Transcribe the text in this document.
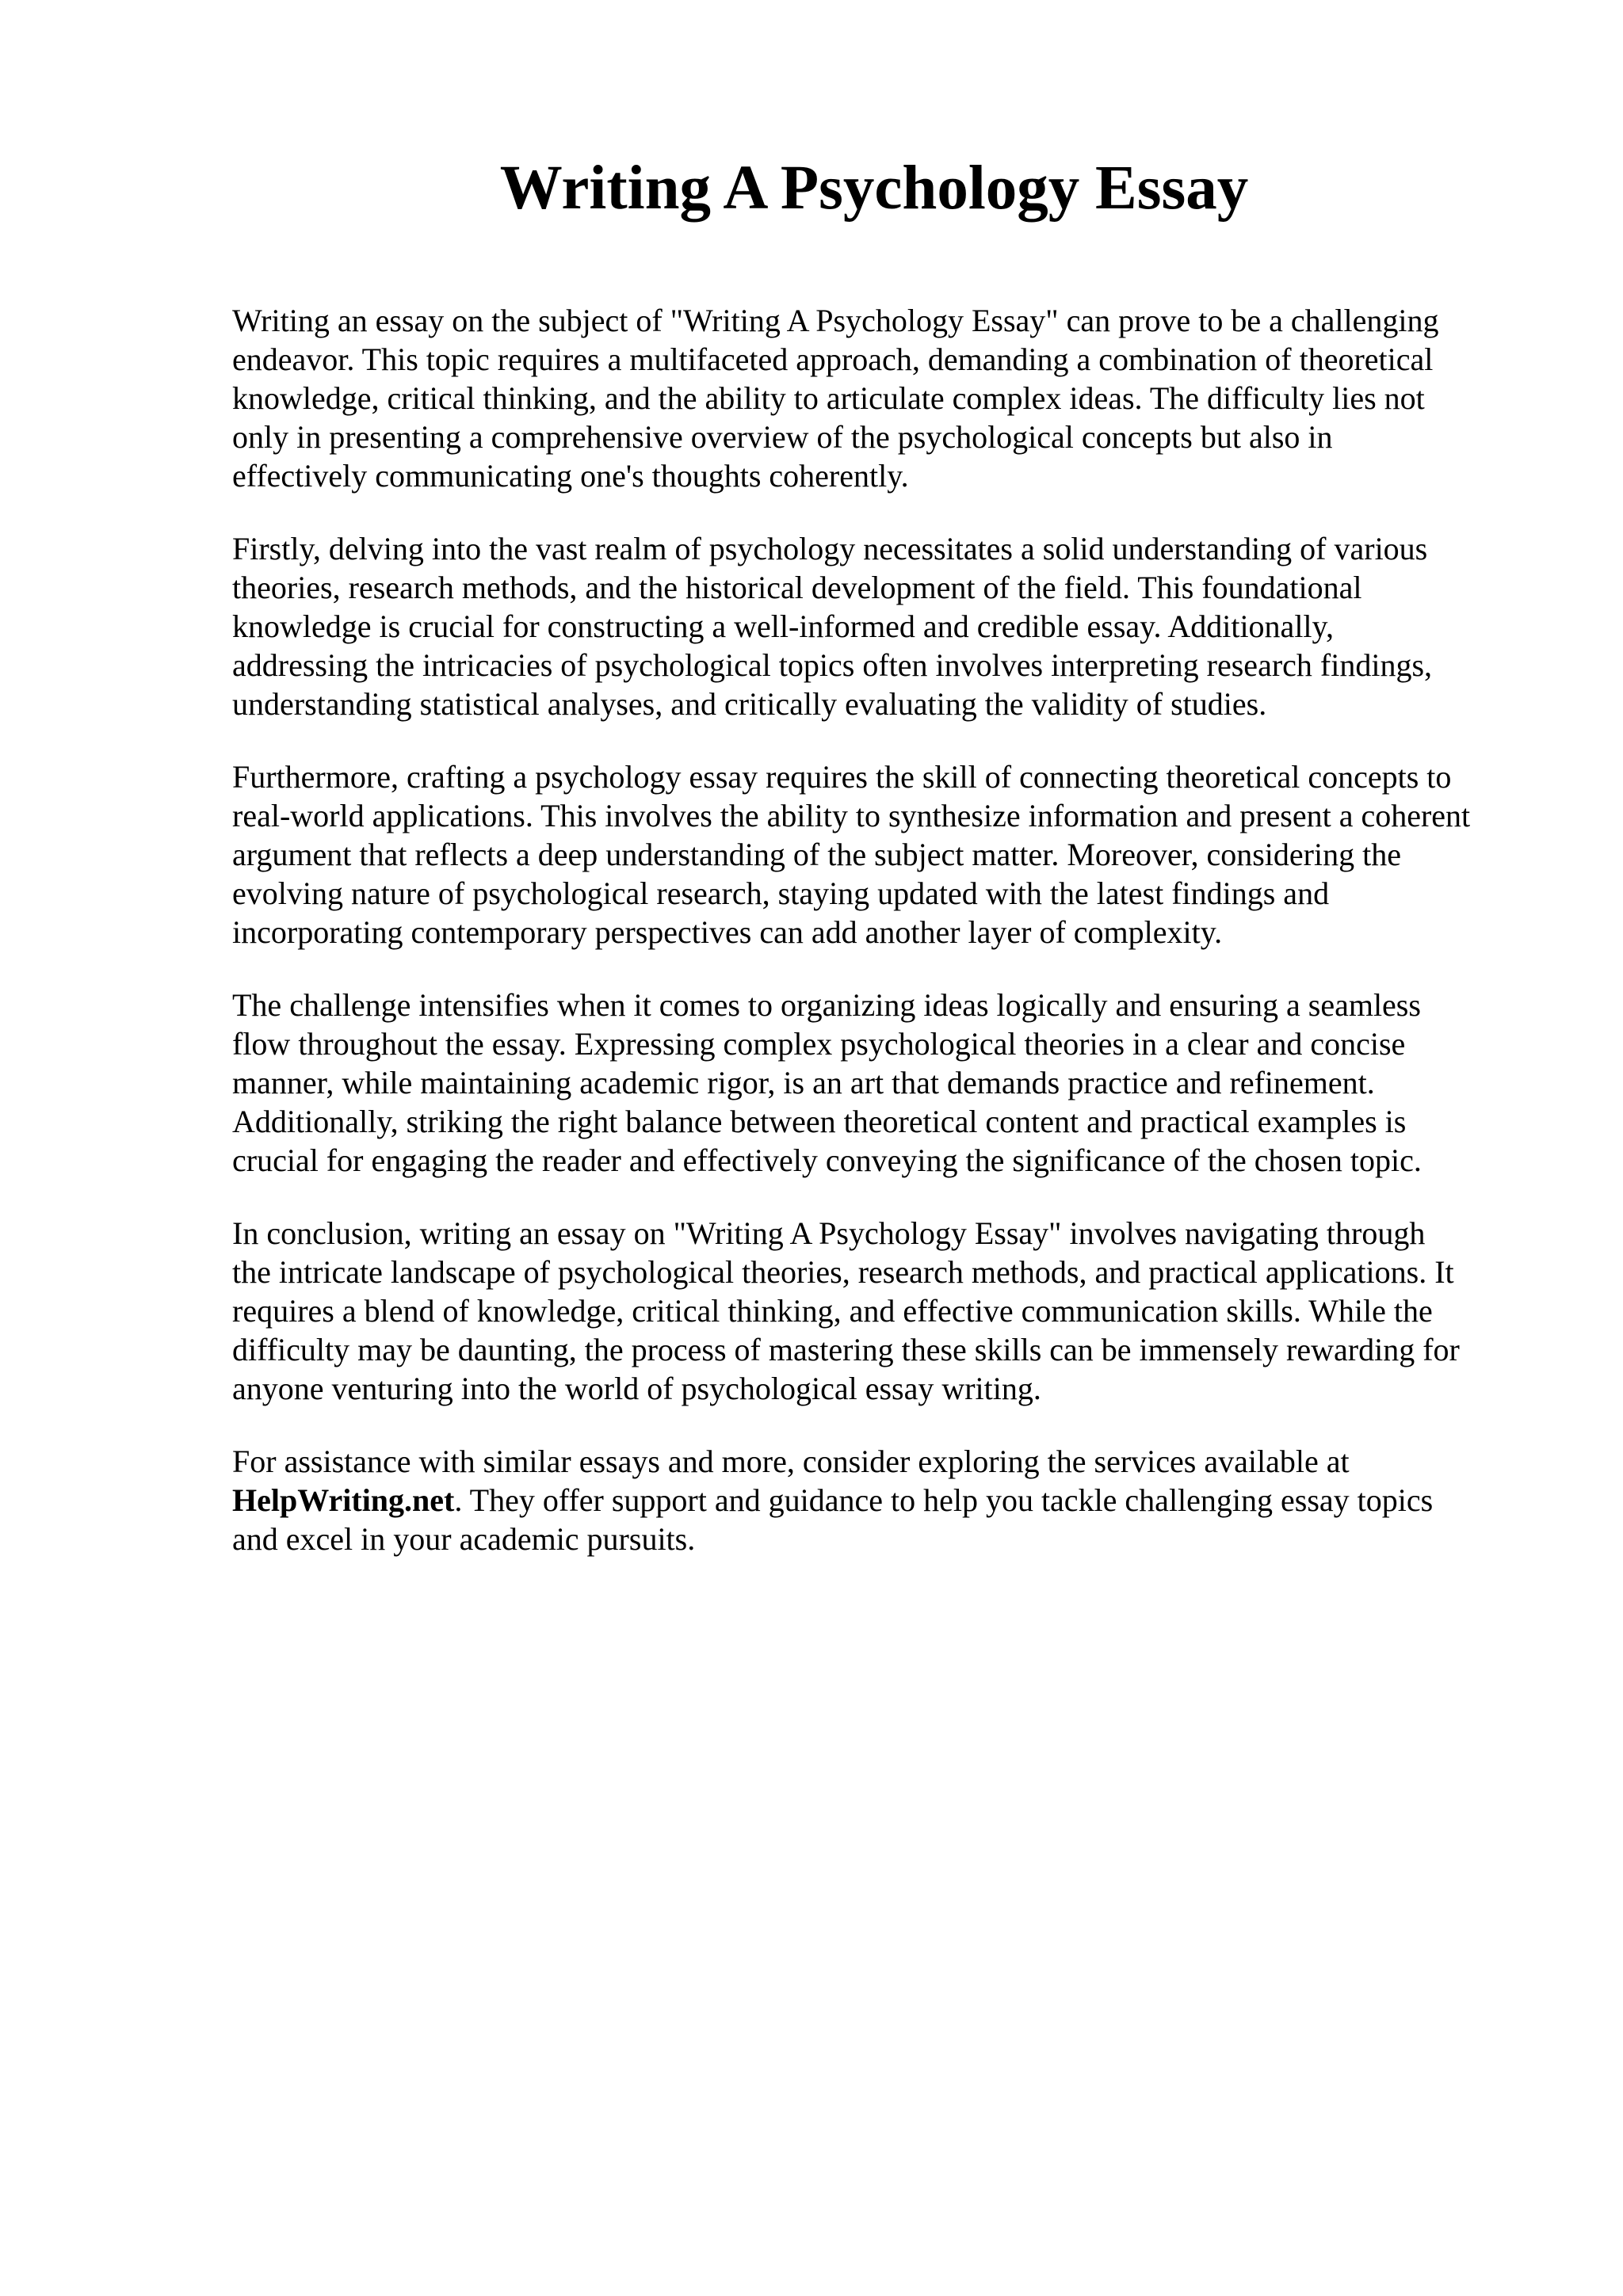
Writing A Psychology Essay

Writing an essay on the subject of "Writing A Psychology Essay" can prove to be a challenging
endeavor. This topic requires a multifaceted approach, demanding a combination of theoretical
knowledge, critical thinking, and the ability to articulate complex ideas. The difficulty lies not
only in presenting a comprehensive overview of the psychological concepts but also in
effectively communicating one's thoughts coherently.

Firstly, delving into the vast realm of psychology necessitates a solid understanding of various
theories, research methods, and the historical development of the field. This foundational
knowledge is crucial for constructing a well-informed and credible essay. Additionally,
addressing the intricacies of psychological topics often involves interpreting research findings,
understanding statistical analyses, and critically evaluating the validity of studies.

Furthermore, crafting a psychology essay requires the skill of connecting theoretical concepts to
real-world applications. This involves the ability to synthesize information and present a coherent
argument that reflects a deep understanding of the subject matter. Moreover, considering the
evolving nature of psychological research, staying updated with the latest findings and
incorporating contemporary perspectives can add another layer of complexity.

The challenge intensifies when it comes to organizing ideas logically and ensuring a seamless
flow throughout the essay. Expressing complex psychological theories in a clear and concise
manner, while maintaining academic rigor, is an art that demands practice and refinement.
Additionally, striking the right balance between theoretical content and practical examples is
crucial for engaging the reader and effectively conveying the significance of the chosen topic.

In conclusion, writing an essay on "Writing A Psychology Essay" involves navigating through
the intricate landscape of psychological theories, research methods, and practical applications. It
requires a blend of knowledge, critical thinking, and effective communication skills. While the
difficulty may be daunting, the process of mastering these skills can be immensely rewarding for
anyone venturing into the world of psychological essay writing.

For assistance with similar essays and more, consider exploring the services available at
HelpWriting.net. They offer support and guidance to help you tackle challenging essay topics
and excel in your academic pursuits.
